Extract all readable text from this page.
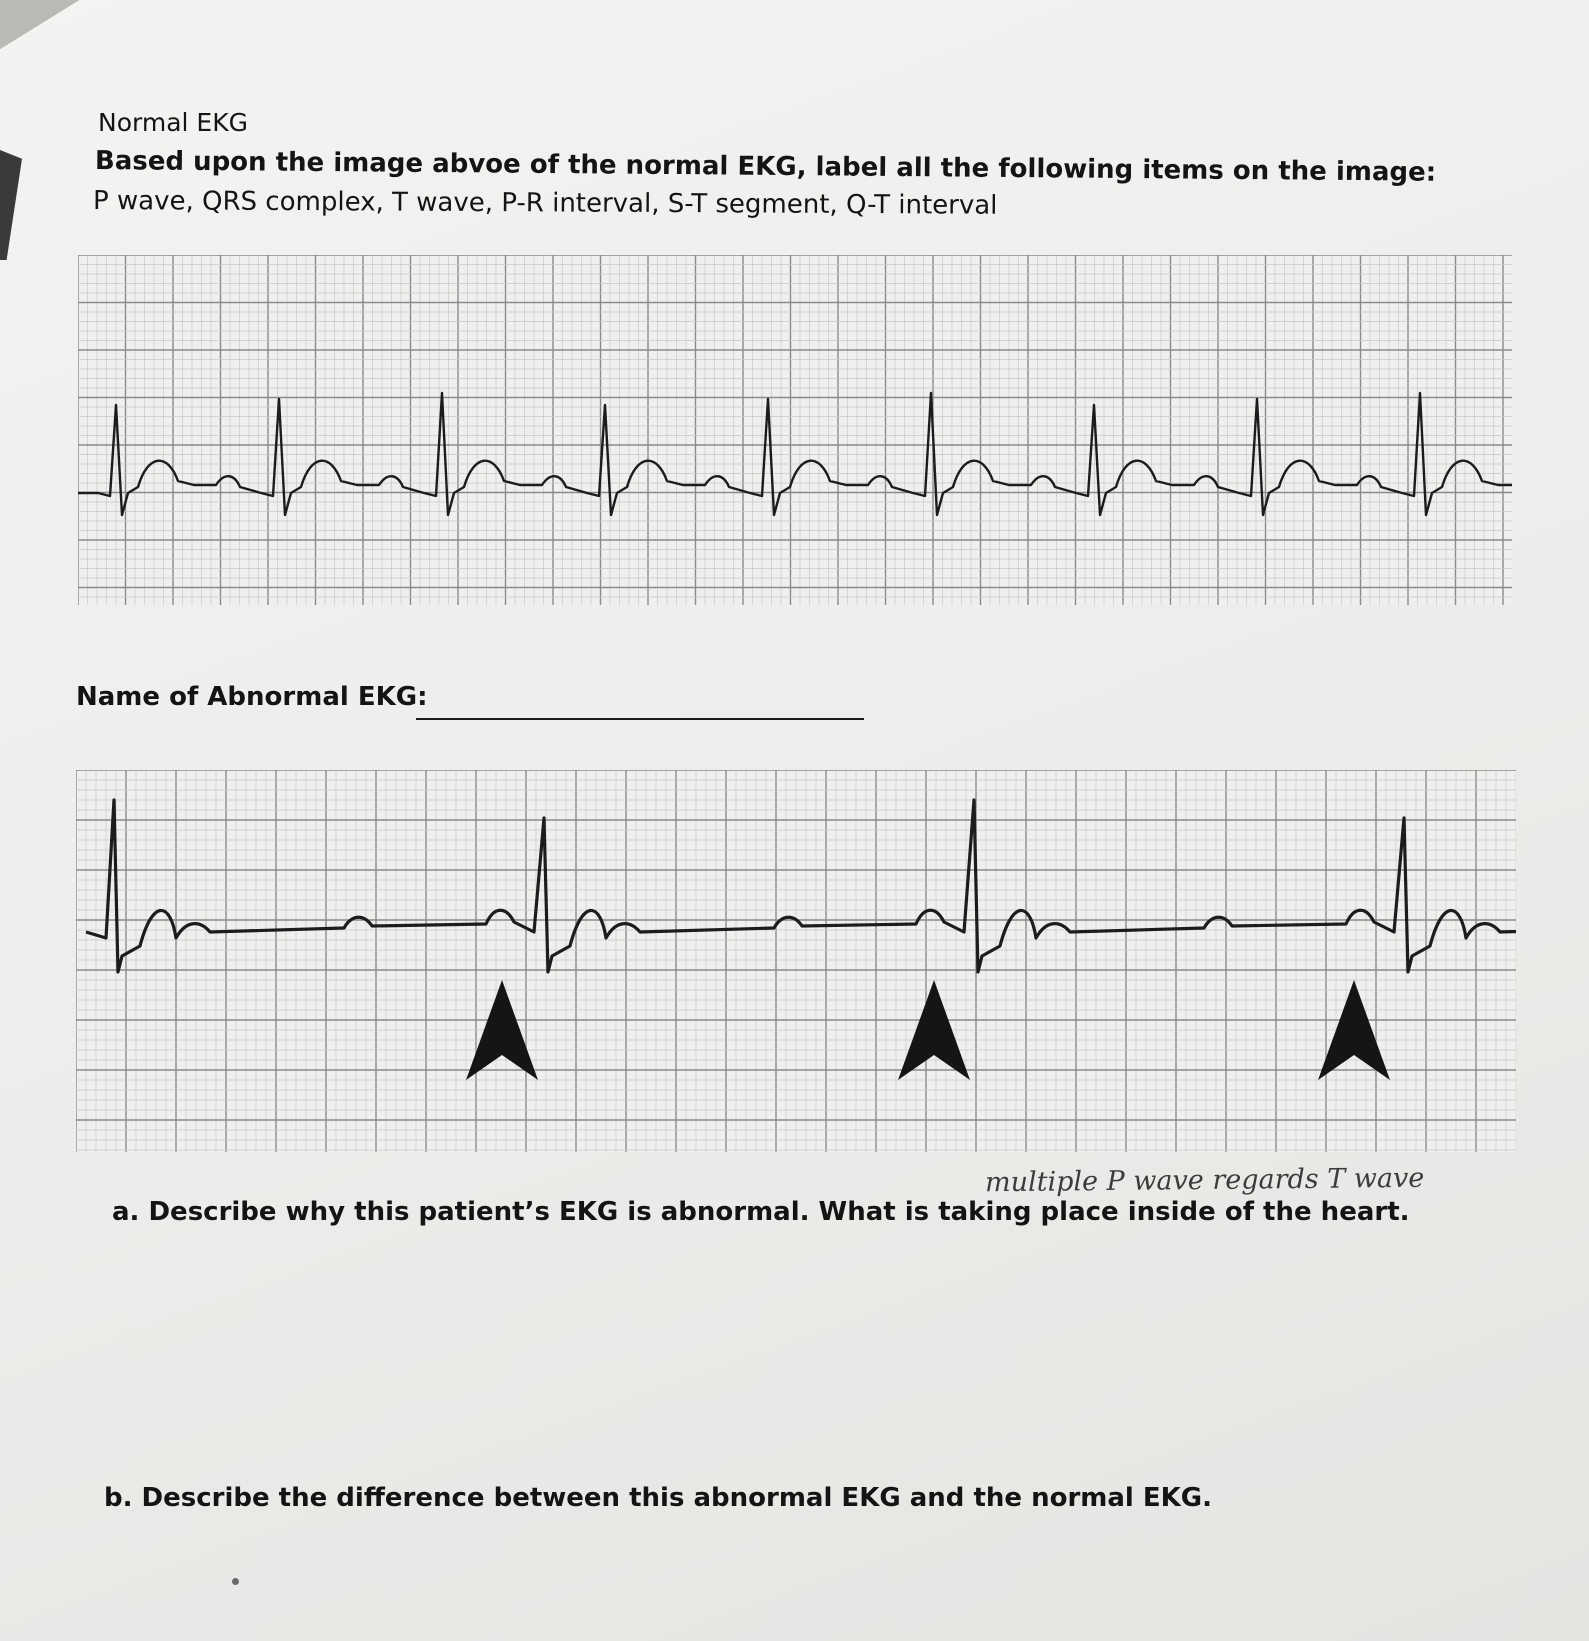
Normal EKG
Based upon the image abvoe of the normal EKG, label all the following items on the image:
P wave, QRS complex, T wave, P-R interval, S-T segment, Q-T interval
Name of Abnormal EKG:
multiple P wave regards T wave
a. Describe why this patient’s EKG is abnormal. What is taking place inside of the heart.
b. Describe the difference between this abnormal EKG and the normal EKG.
